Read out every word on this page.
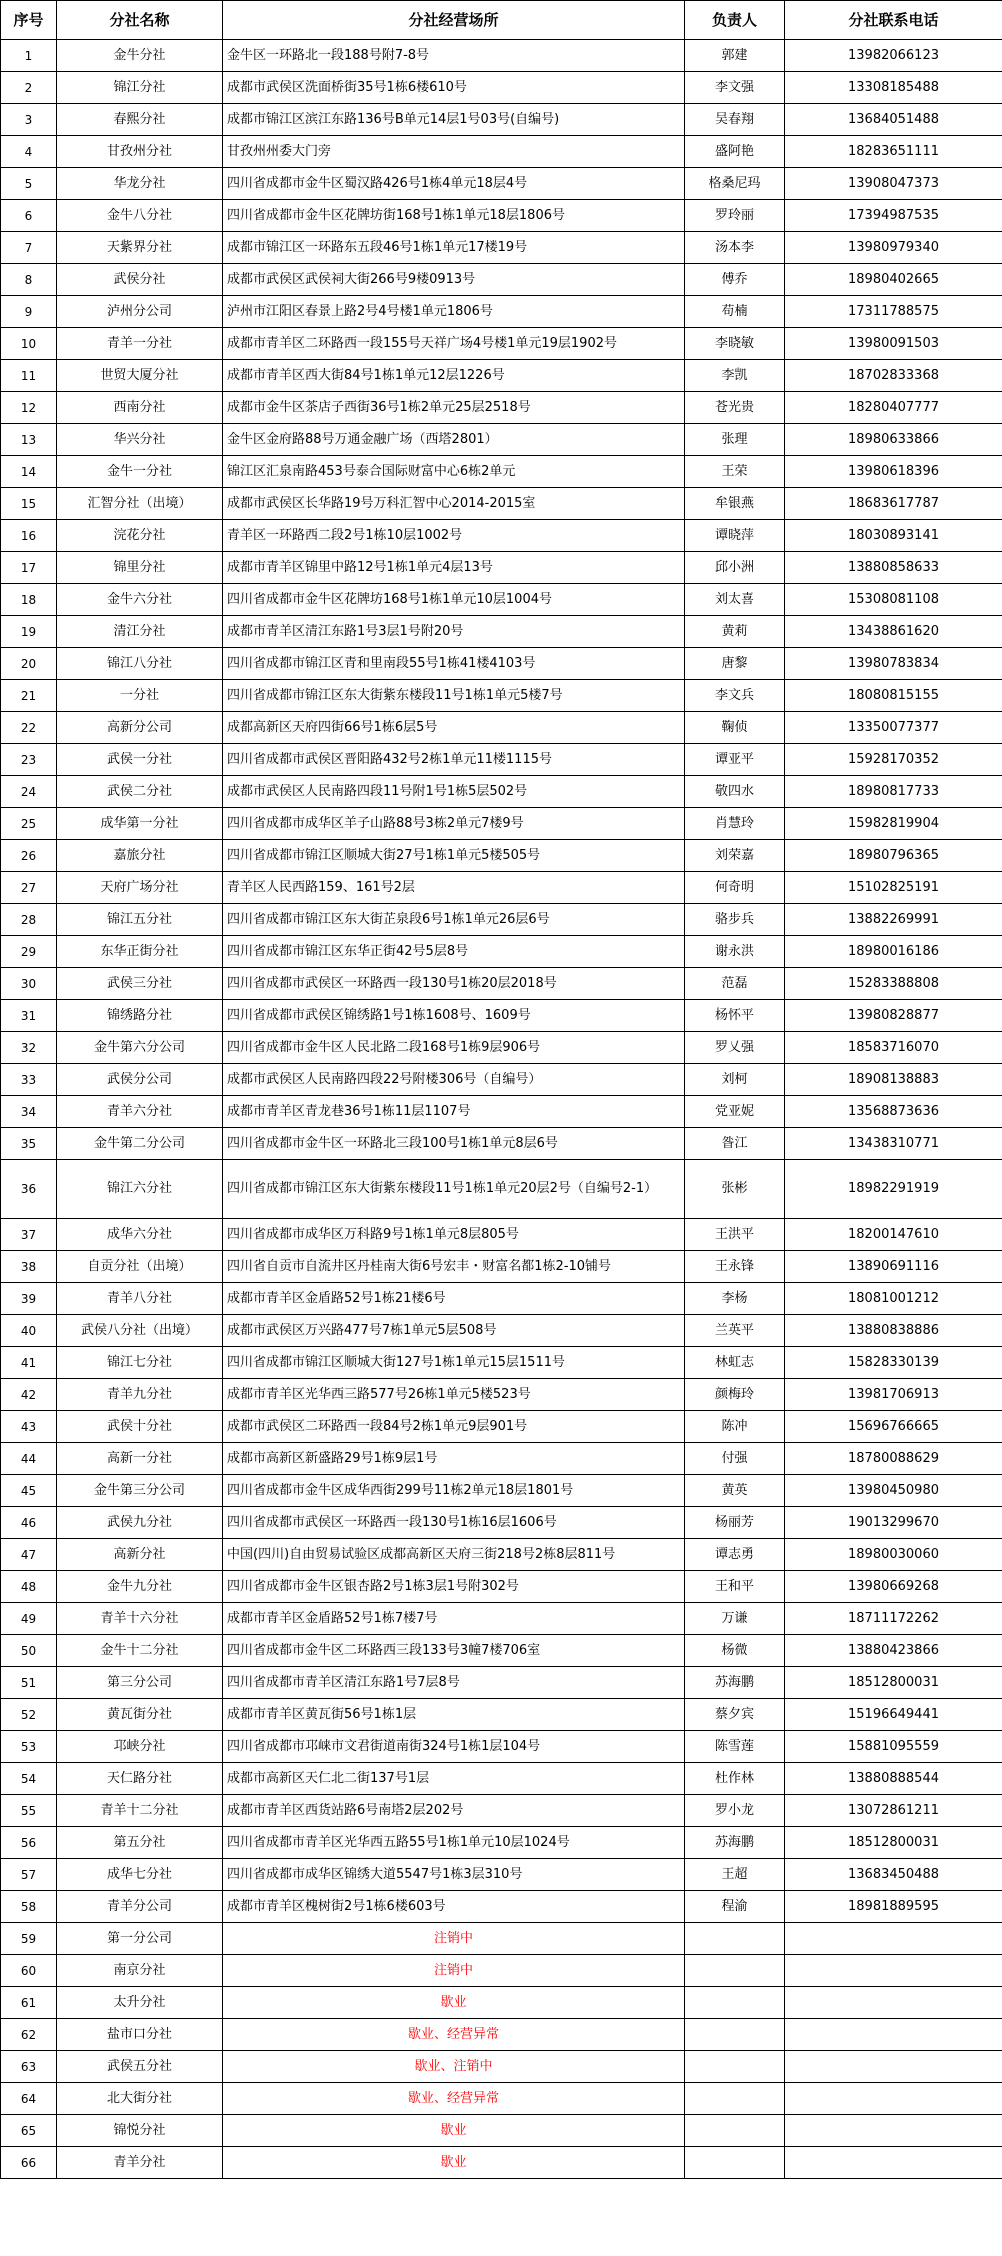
序号	分社名称	分社经营场所	负责人	分社联系电话
1	金牛分社	金牛区一环路北一段188号附7-8号	郭建	13982066123
2	锦江分社	成都市武侯区洗面桥街35号1栋6楼610号	李文强	13308185488
3	春熙分社	成都市锦江区滨江东路136号B单元14层1号03号(自编号)	吴春翔	13684051488
4	甘孜州分社	甘孜州州委大门旁	盛阿艳	18283651111
5	华龙分社	四川省成都市金牛区蜀汉路426号1栋4单元18层4号	格桑尼玛	13908047373
6	金牛八分社	四川省成都市金牛区花牌坊街168号1栋1单元18层1806号	罗玲丽	17394987535
7	天紫界分社	成都市锦江区一环路东五段46号1栋1单元17楼19号	汤本李	13980979340
8	武侯分社	成都市武侯区武侯祠大街266号9楼0913号	傅乔	18980402665
9	泸州分公司	泸州市江阳区春景上路2号4号楼1单元1806号	苟楠	17311788575
10	青羊一分社	成都市青羊区二环路西一段155号天祥广场4号楼1单元19层1902号	李晓敏	13980091503
11	世贸大厦分社	成都市青羊区西大街84号1栋1单元12层1226号	李凯	18702833368
12	西南分社	成都市金牛区茶店子西街36号1栋2单元25层2518号	苍光贵	18280407777
13	华兴分社	金牛区金府路88号万通金融广场（西塔2801）	张理	18980633866
14	金牛一分社	锦江区汇泉南路453号泰合国际财富中心6栋2单元	王荣	13980618396
15	汇智分社（出境）	成都市武侯区长华路19号万科汇智中心2014-2015室	牟银燕	18683617787
16	浣花分社	青羊区一环路西二段2号1栋10层1002号	谭晓萍	18030893141
17	锦里分社	成都市青羊区锦里中路12号1栋1单元4层13号	邱小洲	13880858633
18	金牛六分社	四川省成都市金牛区花牌坊168号1栋1单元10层1004号	刘太喜	15308081108
19	清江分社	成都市青羊区清江东路1号3层1号附20号	黄莉	13438861620
20	锦江八分社	四川省成都市锦江区青和里南段55号1栋41楼4103号	唐黎	13980783834
21	一分社	四川省成都市锦江区东大街紫东楼段11号1栋1单元5楼7号	李文兵	18080815155
22	高新分公司	成都高新区天府四街66号1栋6层5号	鞠侦	13350077377
23	武侯一分社	四川省成都市武侯区晋阳路432号2栋1单元11楼1115号	谭亚平	15928170352
24	武侯二分社	成都市武侯区人民南路四段11号附1号1栋5层502号	敬四水	18980817733
25	成华第一分社	四川省成都市成华区羊子山路88号3栋2单元7楼9号	肖慧玲	15982819904
26	嘉旅分社	四川省成都市锦江区顺城大街27号1栋1单元5楼505号	刘荣嘉	18980796365
27	天府广场分社	青羊区人民西路159、161号2层	何奇明	15102825191
28	锦江五分社	四川省成都市锦江区东大街芷泉段6号1栋1单元26层6号	骆步兵	13882269991
29	东华正街分社	四川省成都市锦江区东华正街42号5层8号	谢永洪	18980016186
30	武侯三分社	四川省成都市武侯区一环路西一段130号1栋20层2018号	范磊	15283388808
31	锦绣路分社	四川省成都市武侯区锦绣路1号1栋1608号、1609号	杨怀平	13980828877
32	金牛第六分公司	四川省成都市金牛区人民北路二段168号1栋9层906号	罗乂强	18583716070
33	武侯分公司	成都市武侯区人民南路四段22号附楼306号（自编号）	刘柯	18908138883
34	青羊六分社	成都市青羊区青龙巷36号1栋11层1107号	党亚妮	13568873636
35	金牛第二分公司	四川省成都市金牛区一环路北三段100号1栋1单元8层6号	昝江	13438310771
36	锦江六分社	四川省成都市锦江区东大街紫东楼段11号1栋1单元20层2号（自编号2-1）	张彬	18982291919
37	成华六分社	四川省成都市成华区万科路9号1栋1单元8层805号	王洪平	18200147610
38	自贡分社（出境）	四川省自贡市自流井区丹桂南大街6号宏丰・财富名都1栋2-10铺号	王永锋	13890691116
39	青羊八分社	成都市青羊区金盾路52号1栋21楼6号	李杨	18081001212
40	武侯八分社（出境）	成都市武侯区万兴路477号7栋1单元5层508号	兰英平	13880838886
41	锦江七分社	四川省成都市锦江区顺城大街127号1栋1单元15层1511号	林虹志	15828330139
42	青羊九分社	成都市青羊区光华西三路577号26栋1单元5楼523号	颜梅玲	13981706913
43	武侯十分社	成都市武侯区二环路西一段84号2栋1单元9层901号	陈冲	15696766665
44	高新一分社	成都市高新区新盛路29号1栋9层1号	付强	18780088629
45	金牛第三分公司	四川省成都市金牛区成华西街299号11栋2单元18层1801号	黄英	13980450980
46	武侯九分社	四川省成都市武侯区一环路西一段130号1栋16层1606号	杨丽芳	19013299670
47	高新分社	中国(四川)自由贸易试验区成都高新区天府三街218号2栋8层811号	谭志勇	18980030060
48	金牛九分社	四川省成都市金牛区银杏路2号1栋3层1号附302号	王和平	13980669268
49	青羊十六分社	成都市青羊区金盾路52号1栋7楼7号	万谦	18711172262
50	金牛十二分社	四川省成都市金牛区二环路西三段133号3幢7楼706室	杨微	13880423866
51	第三分公司	四川省成都市青羊区清江东路1号7层8号	苏海鹏	18512800031
52	黄瓦街分社	成都市青羊区黄瓦街56号1栋1层	蔡夕宾	15196649441
53	邛峡分社	四川省成都市邛崃市文君街道南街324号1栋1层104号	陈雪莲	15881095559
54	天仁路分社	成都市高新区天仁北二街137号1层	杜作林	13880888544
55	青羊十二分社	成都市青羊区西货站路6号南塔2层202号	罗小龙	13072861211
56	第五分社	四川省成都市青羊区光华西五路55号1栋1单元10层1024号	苏海鹏	18512800031
57	成华七分社	四川省成都市成华区锦绣大道5547号1栋3层310号	王超	13683450488
58	青羊分公司	成都市青羊区槐树街2号1栋6楼603号	程渝	18981889595
59	第一分公司	注销中		
60	南京分社	注销中		
61	太升分社	歇业		
62	盐市口分社	歇业、经营异常		
63	武侯五分社	歇业、注销中		
64	北大街分社	歇业、经营异常		
65	锦悦分社	歇业		
66	青羊分社	歇业		
